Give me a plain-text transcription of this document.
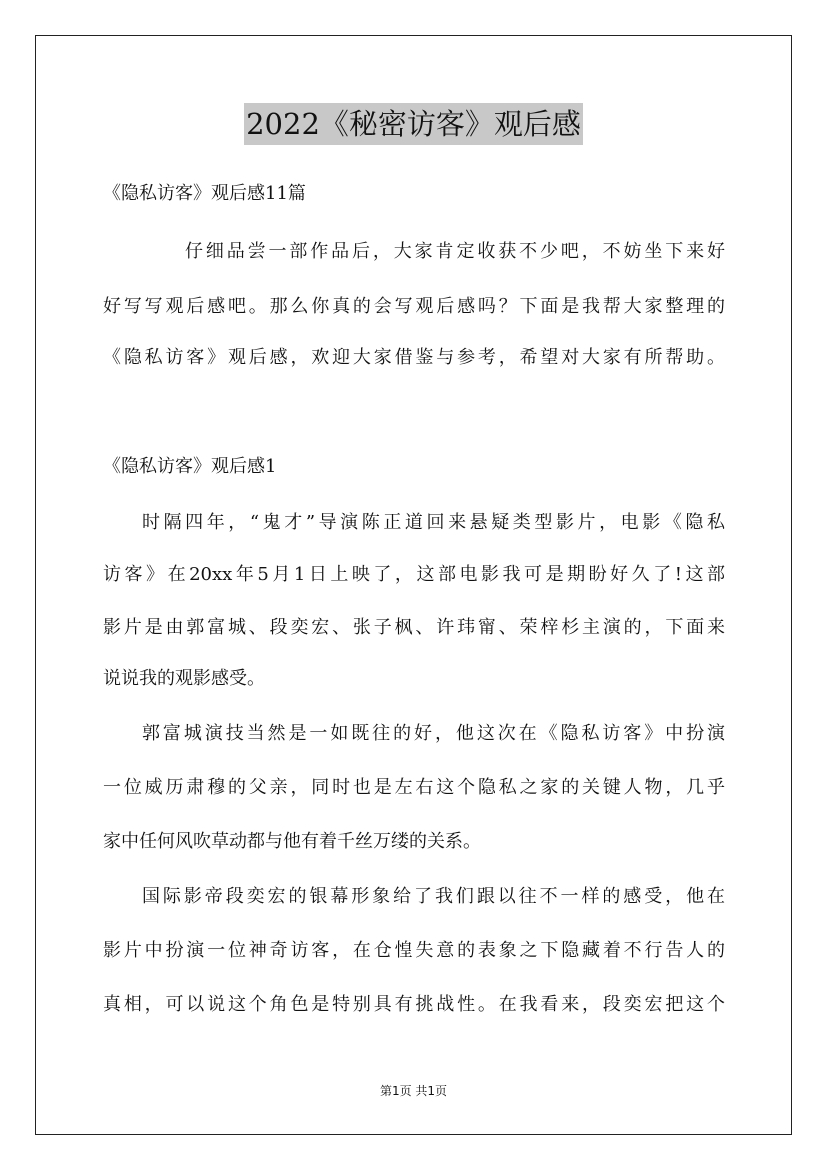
2022《秘密访客》观后感
《隐私访客》观后感11篇
仔细品尝一部作品后，大家肯定收获不少吧，不妨坐下来好
好写写观后感吧。那么你真的会写观后感吗？下面是我帮大家整理的
《隐私访客》观后感，欢迎大家借鉴与参考，希望对大家有所帮助。
《隐私访客》观后感1
时隔四年，“鬼才”导演陈正道回来悬疑类型影片，电影《隐私
访客》在20xx年5月1日上映了，这部电影我可是期盼好久了!这部
影片是由郭富城、段奕宏、张子枫、许玮甯、荣梓杉主演的，下面来
说说我的观影感受。
郭富城演技当然是一如既往的好，他这次在《隐私访客》中扮演
一位威历肃穆的父亲，同时也是左右这个隐私之家的关键人物，几乎
家中任何风吹草动都与他有着千丝万缕的关系。
国际影帝段奕宏的银幕形象给了我们跟以往不一样的感受，他在
影片中扮演一位神奇访客，在仓惶失意的表象之下隐藏着不行告人的
真相，可以说这个角色是特别具有挑战性。在我看来，段奕宏把这个
第1页 共1页
